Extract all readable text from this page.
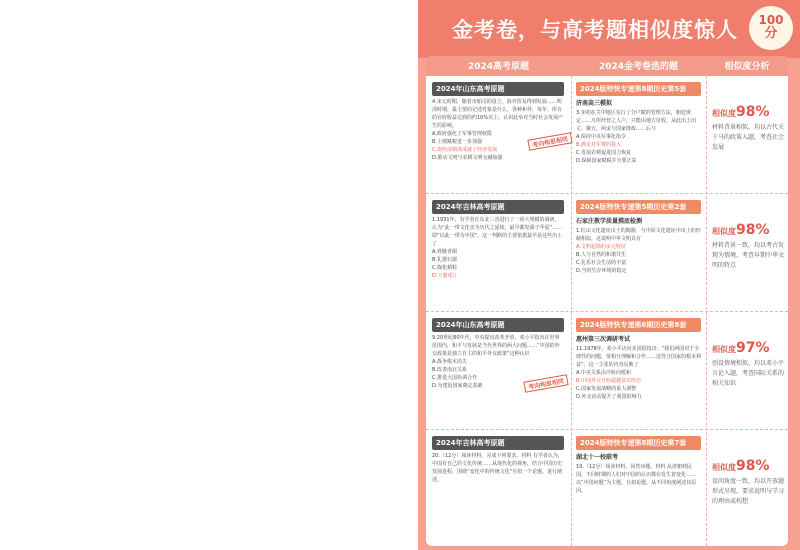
金考卷，与高考题相似度惊人	100
分
2024高考原题	2024金考卷选的题	相似度分析
2024年山东高考原题
4.宋元时期，随着市舶司的设立，海外贸易得到发展……明清时期，最主要的记述对象是什么，各种和外，每年、所有的官府收益达到的约10%以上，认识此举对当时社会发展产生的影响。
A.政府强化了军事管理权限
B.上城赋税进一步加强
C.唐经济制度成就了经济发展
D.推动文明与农耕文明交融加强
2024版特快专递第8期历史第5套
济南高三模拟
3.宋初在关中地区实行了分户赋的管理方法，朝廷规定……凡所经营之人户，只能由地方征收，从此出土田丈、聚五，两宋与国家财政……后与
A.保持中央军事化指令
B.满足对军费的投入
C.发展农耕促进国力恢复
D.保障国家赋税并且要正采
考向构思相同
相似度98%
材料背景相似，均以古代关于马的政策入题，考查社会发展
2024年吉林高考原题
1.1931年，有学者在东北三省进行了一项大规模的调研，认为“此一带文化实为历代之延续，最早都发源于华夏”……即“以此一带为中国”，这一判断的主要依据最早是这些出土了
A.骨镞青铜
B.礼器石器
C.陶化稻粒
D.玉器成片
2024版特快专递第5期历史第2套
石家庄教学质量摸底检测
1.红山文化遗址出土的陶器，与中原文化遗址中出土的形制相似，这说明中华文明具有
A.文明起源的多元特征
B.人与自然的和谐共生
C.礼乐社会生活的丰富
D.当时生存环境的稳定
相似度98%
材料背景一致，均以考古发现为情境，考查早期中华文明的特点
2024年山东高考原题
9.20世纪80年代，中央提出改革开放，邓小平指出在世界范围内，和平与发展是当代世界的两大问题……“中国的外交政策是独立自主的和平外交政策”这种认识
A.战争根本消失
B.改善南北关系
C.推进大国协调合作
D.为建设国家奠定基础
2024版特快专递第6期历史第8套
惠州第三次调研考试
11.1978年，邓小平访问美国时指出：“我们两国对于全球性的问题，要相互理解和合作……这符合国家的根本利益”，这一主张的内容反映了
A.中美关系由冷转向缓和
B.中国外交开始超越意识形态
C.国家发展战略的重大调整
D.外交活动提升了我国影响力
考向构思相同
相似度97%
创设情境相似，均以邓小平言论入题，考查国际关系的相关知识
2024年吉林高考原题
20.（12分）阅读材料，完成下列要求。材料 有学者认为，中国有自己的文化传统……从现代化的视角，结合中国历史发展进程，围绕“变化中的传统文化”自拟一个论题，进行阐述。
2024版特快专递第8期历史第7套
湖北十一校联考
19.（12分）阅读材料，回答问题。材料 从清朝到民国，不同时期的人们对中国的认识都在发生着变化……以“中国问题”为主题，自拟论题，从不同角度阐述其原因。
相似度98%
设问角度一致，均以开放题形式呈现，要求说明与学习的理由或构想
